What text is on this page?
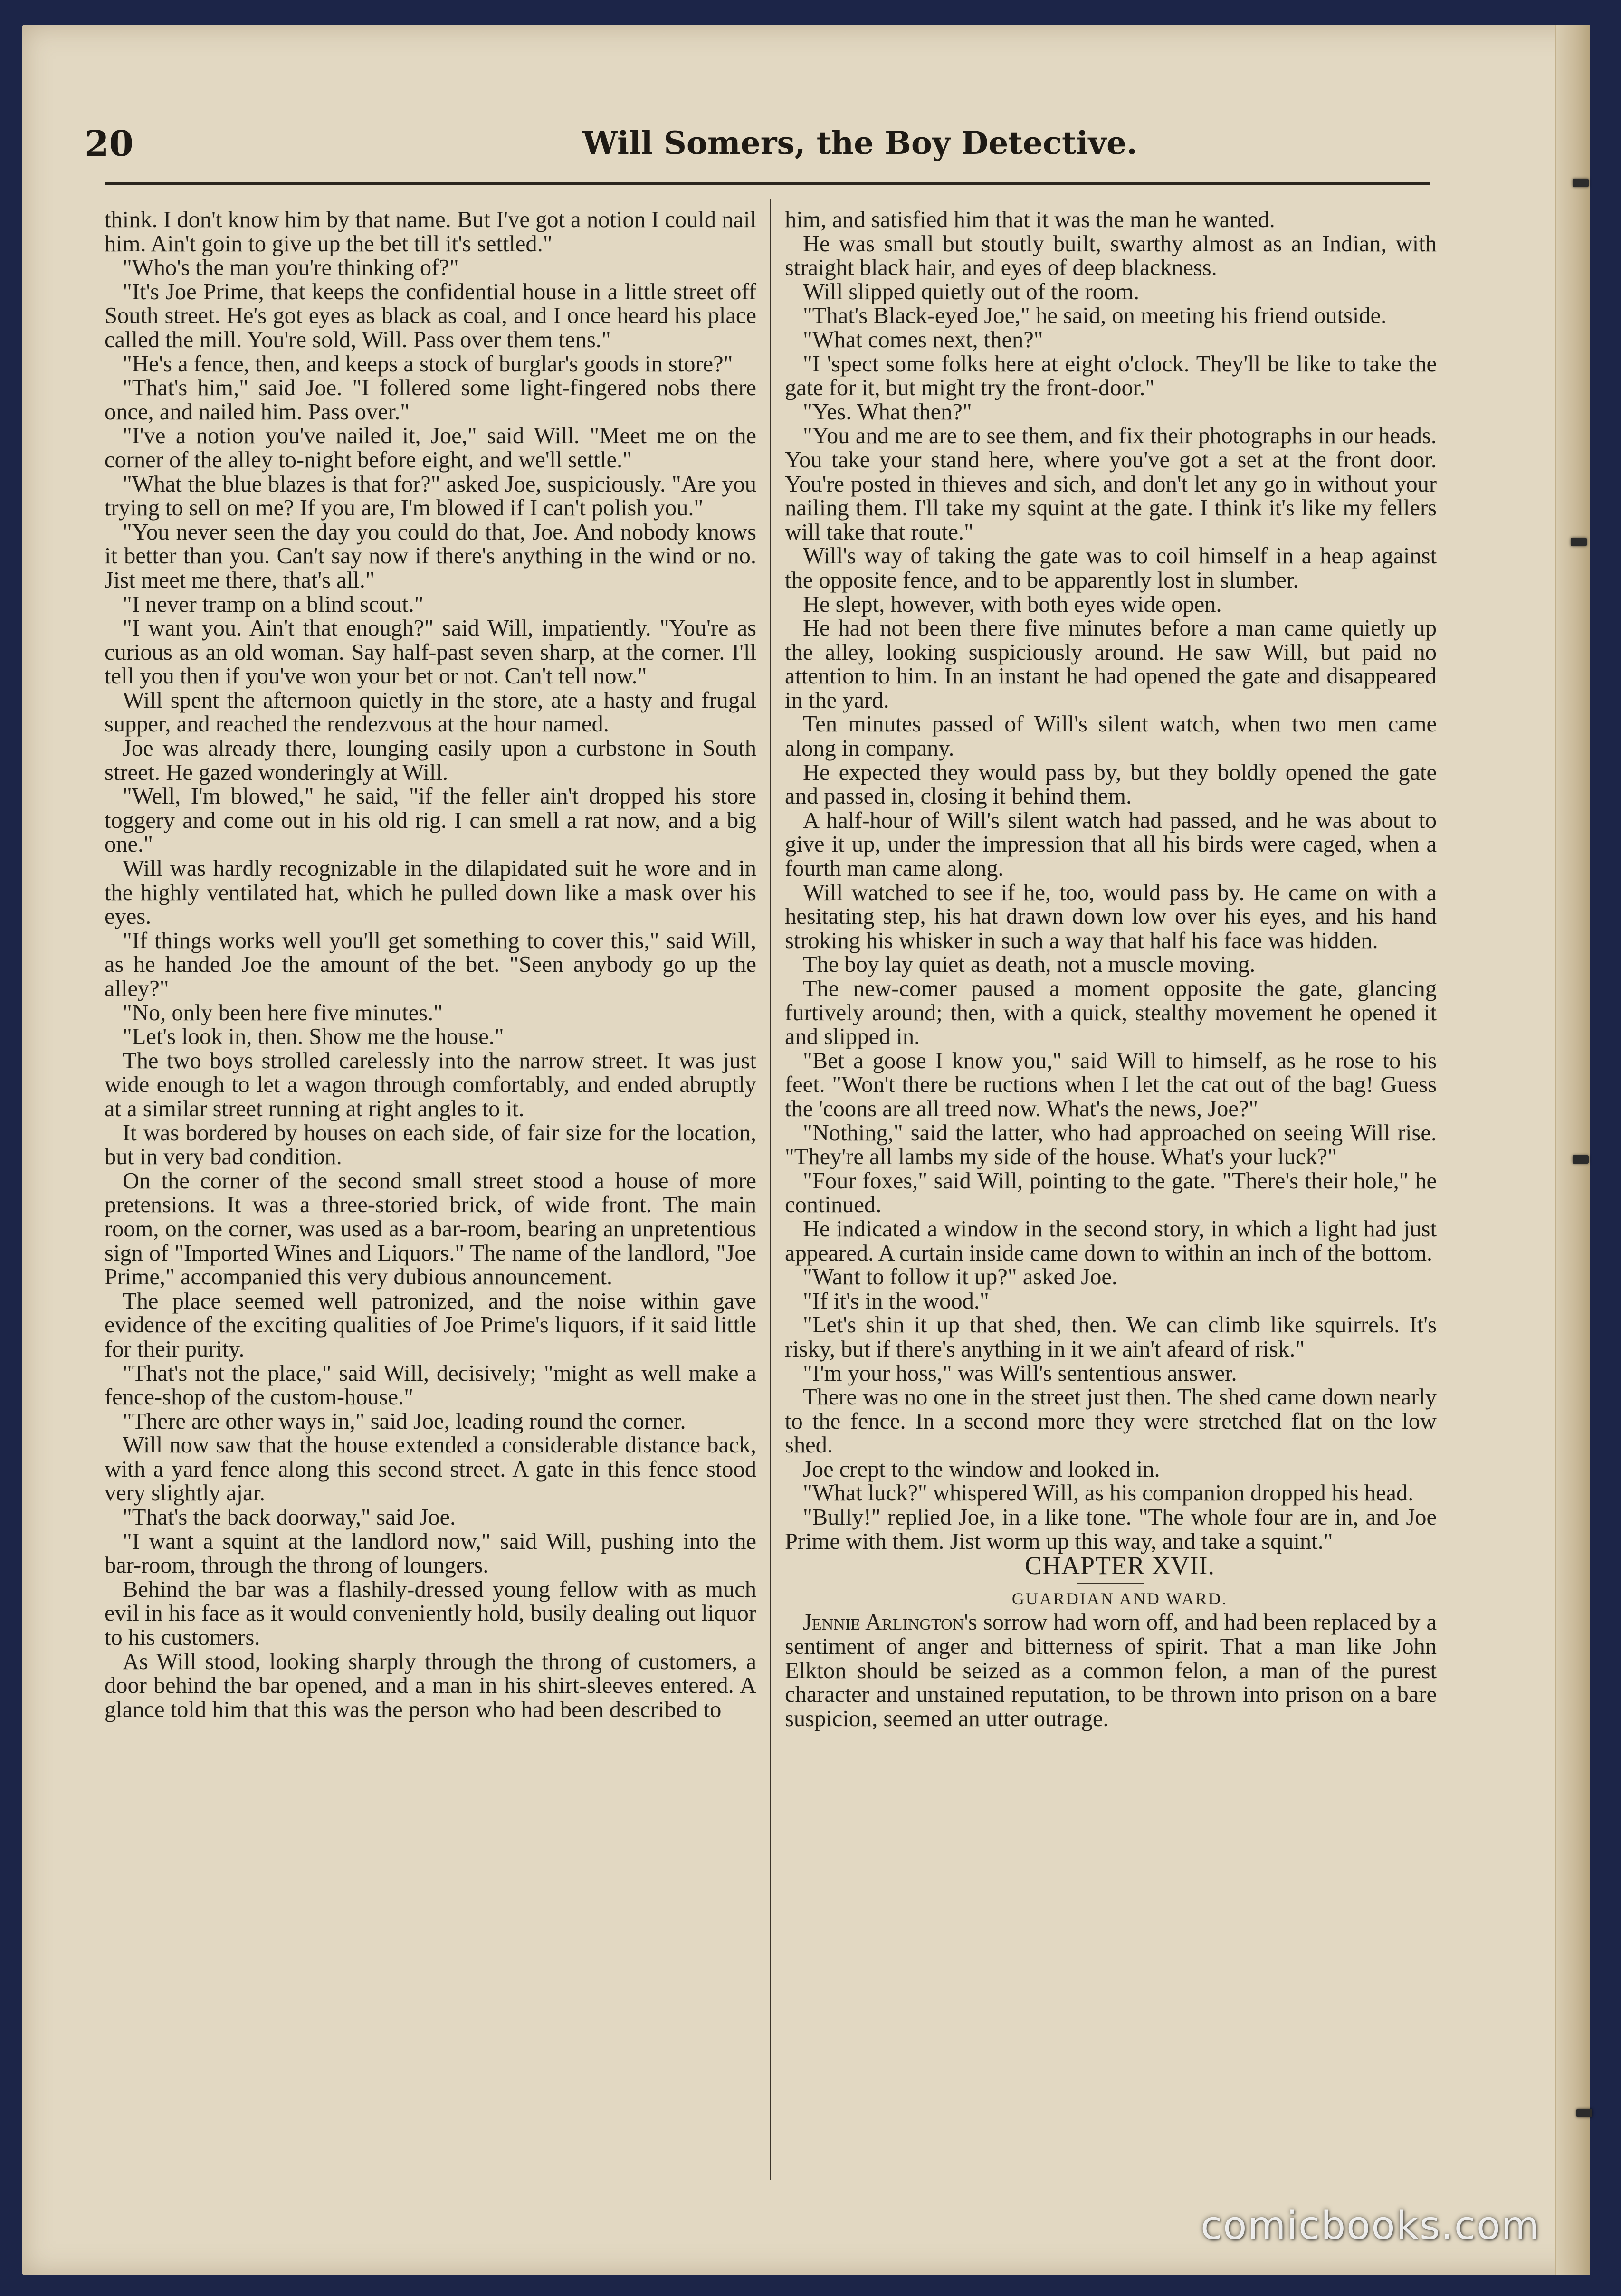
20	Will Somers, the Boy Detective.

think. I don't know him by that name. But I've got a notion I could nail him. Ain't goin to give up the bet till it's settled."

"Who's the man you're thinking of?"

"It's Joe Prime, that keeps the confidential house in a little street off South street. He's got eyes as black as coal, and I once heard his place called the mill. You're sold, Will. Pass over them tens."

"He's a fence, then, and keeps a stock of burglar's goods in store?"

"That's him," said Joe. "I follered some light-fingered nobs there once, and nailed him. Pass over."

"I've a notion you've nailed it, Joe," said Will. "Meet me on the corner of the alley to-night before eight, and we'll settle."

"What the blue blazes is that for?" asked Joe, suspiciously. "Are you trying to sell on me? If you are, I'm blowed if I can't polish you."

"You never seen the day you could do that, Joe. And nobody knows it better than you. Can't say now if there's anything in the wind or no. Jist meet me there, that's all."

"I never tramp on a blind scout."

"I want you. Ain't that enough?" said Will, impatiently. "You're as curious as an old woman. Say half-past seven sharp, at the corner. I'll tell you then if you've won your bet or not. Can't tell now."

Will spent the afternoon quietly in the store, ate a hasty and frugal supper, and reached the rendezvous at the hour named.

Joe was already there, lounging easily upon a curbstone in South street. He gazed wonderingly at Will.

"Well, I'm blowed," he said, "if the feller ain't dropped his store toggery and come out in his old rig. I can smell a rat now, and a big one."

Will was hardly recognizable in the dilapidated suit he wore and in the highly ventilated hat, which he pulled down like a mask over his eyes.

"If things works well you'll get something to cover this," said Will, as he handed Joe the amount of the bet. "Seen anybody go up the alley?"

"No, only been here five minutes."

"Let's look in, then. Show me the house."

The two boys strolled carelessly into the narrow street. It was just wide enough to let a wagon through comfortably, and ended abruptly at a similar street running at right angles to it.

It was bordered by houses on each side, of fair size for the location, but in very bad condition.

On the corner of the second small street stood a house of more pretensions. It was a three-storied brick, of wide front. The main room, on the corner, was used as a bar-room, bearing an unpretentious sign of "Imported Wines and Liquors." The name of the landlord, "Joe Prime," accompanied this very dubious announcement.

The place seemed well patronized, and the noise within gave evidence of the exciting qualities of Joe Prime's liquors, if it said little for their purity.

"That's not the place," said Will, decisively; "might as well make a fence-shop of the custom-house."

"There are other ways in," said Joe, leading round the corner.

Will now saw that the house extended a considerable distance back, with a yard fence along this second street. A gate in this fence stood very slightly ajar.

"That's the back doorway," said Joe.

"I want a squint at the landlord now," said Will, pushing into the bar-room, through the throng of loungers.

Behind the bar was a flashily-dressed young fellow with as much evil in his face as it would conveniently hold, busily dealing out liquor to his customers.

As Will stood, looking sharply through the throng of customers, a door behind the bar opened, and a man in his shirt-sleeves entered. A glance told him that this was the person who had been described to

him, and satisfied him that it was the man he wanted.

He was small but stoutly built, swarthy almost as an Indian, with straight black hair, and eyes of deep blackness.

Will slipped quietly out of the room.

"That's Black-eyed Joe," he said, on meeting his friend outside.

"What comes next, then?"

"I 'spect some folks here at eight o'clock. They'll be like to take the gate for it, but might try the front-door."

"Yes. What then?"

"You and me are to see them, and fix their photographs in our heads. You take your stand here, where you've got a set at the front door. You're posted in thieves and sich, and don't let any go in without your nailing them. I'll take my squint at the gate. I think it's like my fellers will take that route."

Will's way of taking the gate was to coil himself in a heap against the opposite fence, and to be apparently lost in slumber.

He slept, however, with both eyes wide open.

He had not been there five minutes before a man came quietly up the alley, looking suspiciously around. He saw Will, but paid no attention to him. In an instant he had opened the gate and disappeared in the yard.

Ten minutes passed of Will's silent watch, when two men came along in company.

He expected they would pass by, but they boldly opened the gate and passed in, closing it behind them.

A half-hour of Will's silent watch had passed, and he was about to give it up, under the impression that all his birds were caged, when a fourth man came along.

Will watched to see if he, too, would pass by. He came on with a hesitating step, his hat drawn down low over his eyes, and his hand stroking his whisker in such a way that half his face was hidden.

The boy lay quiet as death, not a muscle moving.

The new-comer paused a moment opposite the gate, glancing furtively around; then, with a quick, stealthy movement he opened it and slipped in.

"Bet a goose I know you," said Will to himself, as he rose to his feet. "Won't there be ructions when I let the cat out of the bag! Guess the 'coons are all treed now. What's the news, Joe?"

"Nothing," said the latter, who had approached on seeing Will rise. "They're all lambs my side of the house. What's your luck?"

"Four foxes," said Will, pointing to the gate. "There's their hole," he continued.

He indicated a window in the second story, in which a light had just appeared. A curtain inside came down to within an inch of the bottom.

"Want to follow it up?" asked Joe.

"If it's in the wood."

"Let's shin it up that shed, then. We can climb like squirrels. It's risky, but if there's anything in it we ain't afeard of risk."

"I'm your hoss," was Will's sententious answer.

There was no one in the street just then. The shed came down nearly to the fence. In a second more they were stretched flat on the low shed.

Joe crept to the window and looked in.

"What luck?" whispered Will, as his companion dropped his head.

"Bully!" replied Joe, in a like tone. "The whole four are in, and Joe Prime with them. Jist worm up this way, and take a squint."

CHAPTER XVII.

GUARDIAN AND WARD.

Jennie Arlington's sorrow had worn off, and had been replaced by a sentiment of anger and bitterness of spirit. That a man like John Elkton should be seized as a common felon, a man of the purest character and unstained reputation, to be thrown into prison on a bare suspicion, seemed an utter outrage.

comicbooks.com
